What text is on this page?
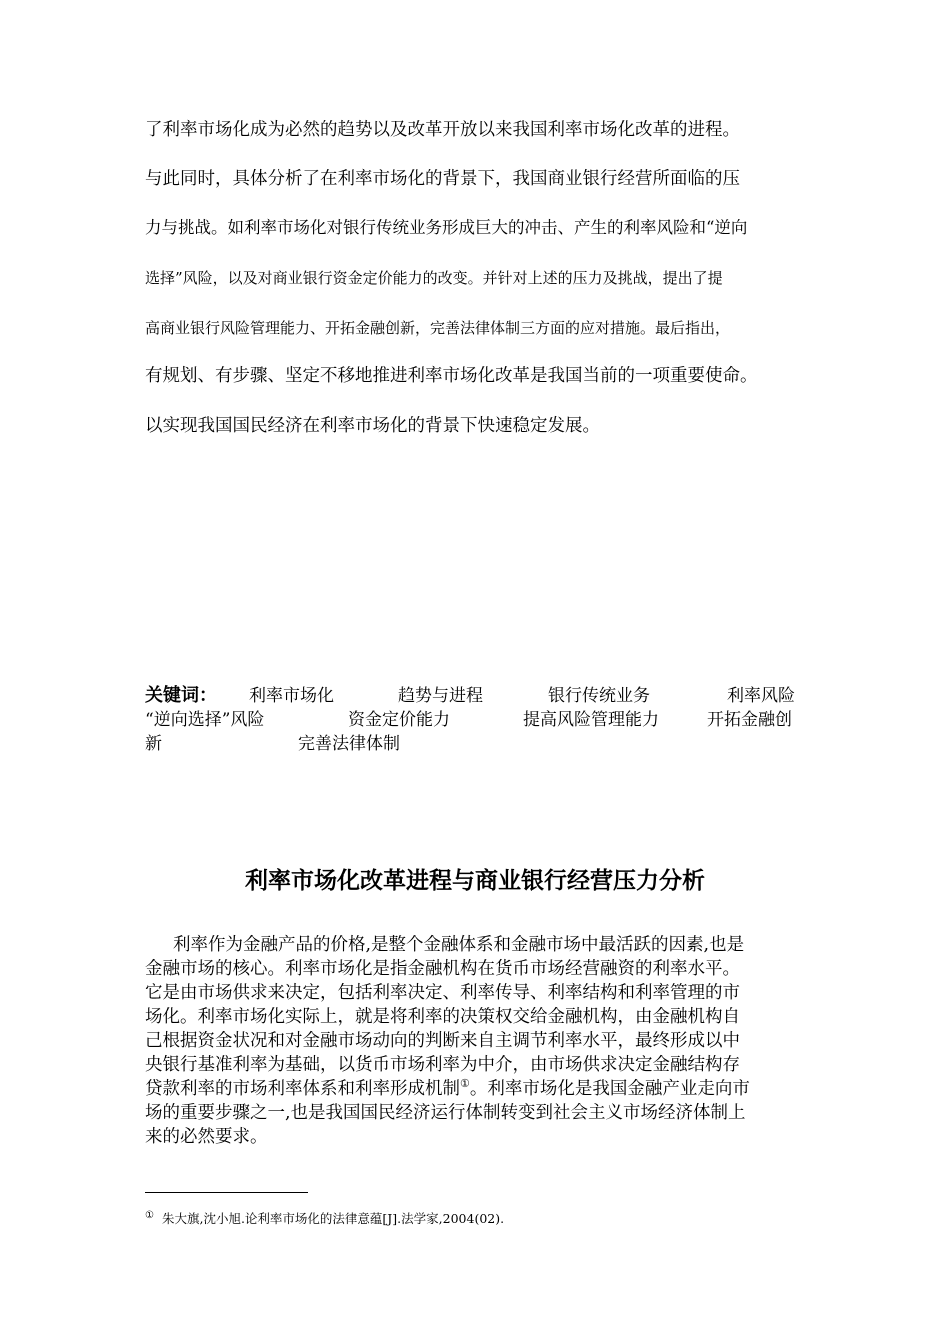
了利率市场化成为必然的趋势以及改革开放以来我国利率市场化改革的进程。
与此同时，具体分析了在利率市场化的背景下，我国商业银行经营所面临的压
力与挑战。如利率市场化对银行传统业务形成巨大的冲击、产生的利率风险和“逆向
选择”风险，以及对商业银行资金定价能力的改变。并针对上述的压力及挑战，提出了提
高商业银行风险管理能力、开拓金融创新，完善法律体制三方面的应对措施。最后指出，
有规划、有步骤、坚定不移地推进利率市场化改革是我国当前的一项重要使命。
以实现我国国民经济在利率市场化的背景下快速稳定发展。
关键词： 利率市场化	趋势与进程	银行传统业务	利率风险
“逆向选择”风险	资金定价能力	提高风险管理能力	开拓金融创
新	完善法律体制
利率市场化改革进程与商业银行经营压力分析
利率作为金融产品的价格,是整个金融体系和金融市场中最活跃的因素,也是
金融市场的核心。利率市场化是指金融机构在货币市场经营融资的利率水平。
它是由市场供求来决定，包括利率决定、利率传导、利率结构和利率管理的市
场化。利率市场化实际上，就是将利率的决策权交给金融机构，由金融机构自
己根据资金状况和对金融市场动向的判断来自主调节利率水平，最终形成以中
央银行基准利率为基础，以货币市场利率为中介，由市场供求决定金融结构存
贷款利率的市场利率体系和利率形成机制①。利率市场化是我国金融产业走向市
场的重要步骤之一,也是我国国民经济运行体制转变到社会主义市场经济体制上
来的必然要求。
① 朱大旗,沈小旭.论利率市场化的法律意蕴[J].法学家,2004(02).
